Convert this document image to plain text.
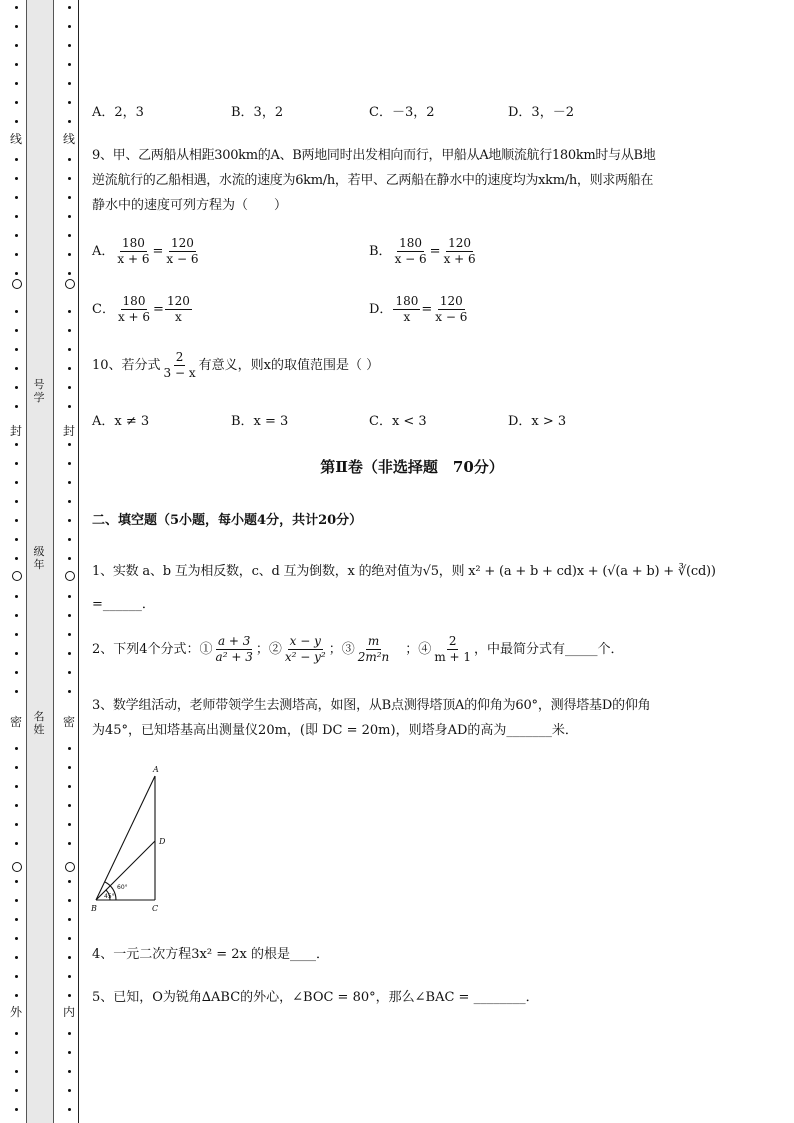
线
封
密
外
线
封
密
内
号学
级年
名姓
A．2，3	B．3，2	C．－3，2	D．3，－2
9、甲、乙两船从相距300km的A、B两地同时出发相向而行，甲船从A地顺流航行180km时与从B地
逆流航行的乙船相遇，水流的速度为6km/h，若甲、乙两船在静水中的速度均为xkm/h，则求两船在
静水中的速度可列方程为（　　）
A． $\frac{180}{x + 6} = \frac{120}{x - 6}$	B． $\frac{180}{x - 6} = \frac{120}{x + 6}$
C． $\frac{180}{x + 6} = \frac{120}{x}$	D． $\frac{180}{x} = \frac{120}{x - 6}$
10、若分式 $\frac{2}{3 - x}$ 有意义，则x的取值范围是（ ）
A．x ≠ 3	B．x = 3	C．x < 3	D．x > 3
第Ⅱ卷（非选择题　70分）
二、填空题（5小题，每小题4分，共计20分）
1、实数 a、b 互为相反数，c、d 互为倒数，x 的绝对值为√5，则 x² + (a + b + cd)x + (√(a + b) + ∛(cd))
=______．
2、下列4个分式：① $\frac{a + 3}{\text{a² + 3}}$ ；② $\frac{x - y}{\text{x² − y²}}$ ；③ $\frac{m}{\text{2m²n}}$ 　；④ $\frac{2}{m + 1}$ ，中最简分式有_____个．
3、数学组活动，老师带领学生去测塔高，如图，从B点测得塔顶A的仰角为60°，测得塔基D的仰角
为45°，已知塔基高出测量仪20m，(即 DC = 20m)，则塔身AD的高为_______米．
A
D
B	C
60°
45°
4、一元二次方程3x² = 2x 的根是____．
5、已知，O为锐角∆ABC的外心，∠BOC = 80°，那么∠BAC = ________．
